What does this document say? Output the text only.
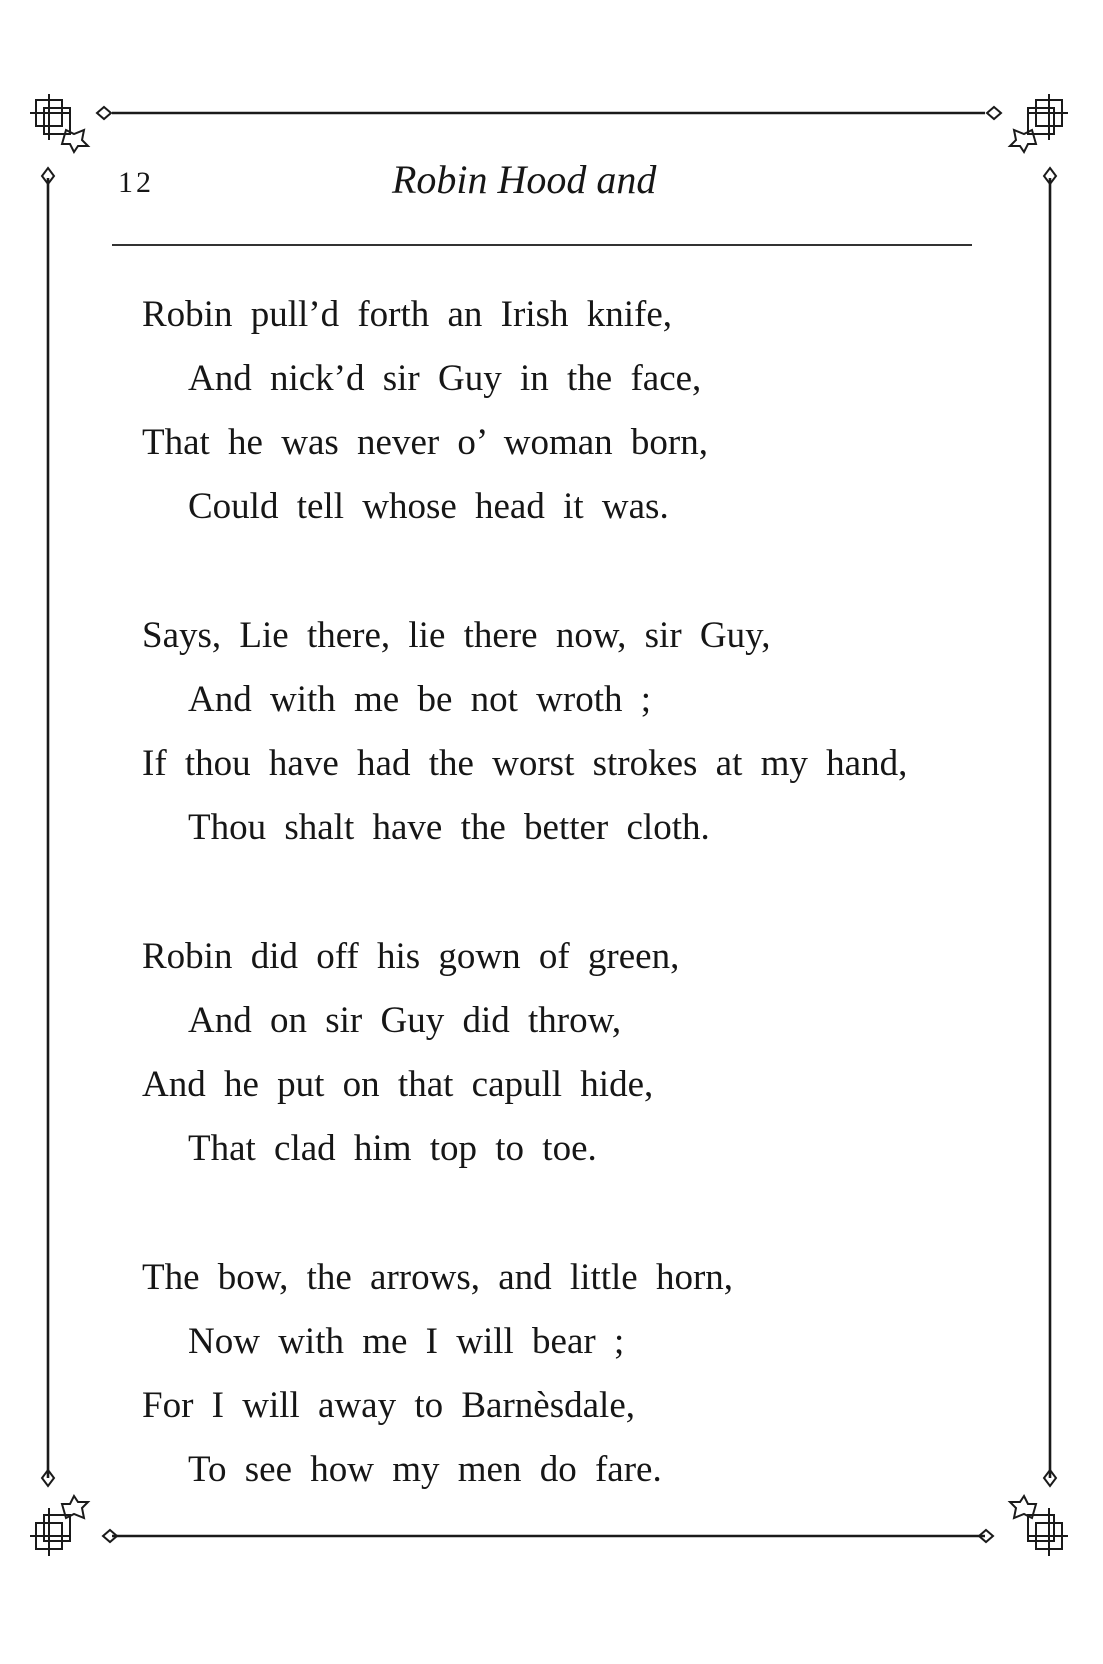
12	Robin Hood and
Robin pull’d forth an Irish knife,
And nick’d sir Guy in the face,
That he was never o’ woman born,
Could tell whose head it was.
Says, Lie there, lie there now, sir Guy,
And with me be not wroth ;
If thou have had the worst strokes at my hand,
Thou shalt have the better cloth.
Robin did off his gown of green,
And on sir Guy did throw,
And he put on that capull hide,
That clad him top to toe.
The bow, the arrows, and little horn,
Now with me I will bear ;
For I will away to Barnèsdale,
To see how my men do fare.
